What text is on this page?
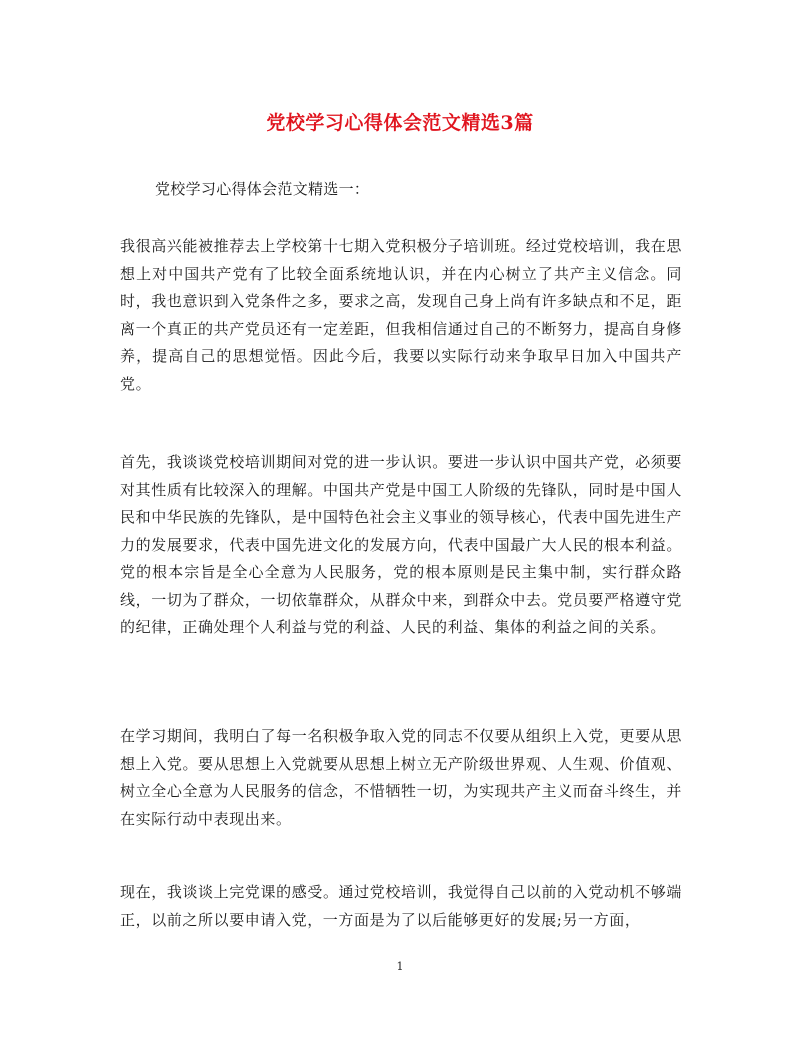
党校学习心得体会范文精选3篇

党校学习心得体会范文精选一：

我很高兴能被推荐去上学校第十七期入党积极分子培训班。经过党校培训，我在思想上对中国共产党有了比较全面系统地认识，并在内心树立了共产主义信念。同时，我也意识到入党条件之多，要求之高，发现自己身上尚有许多缺点和不足，距离一个真正的共产党员还有一定差距，但我相信通过自己的不断努力，提高自身修养，提高自己的思想觉悟。因此今后，我要以实际行动来争取早日加入中国共产党。

首先，我谈谈党校培训期间对党的进一步认识。要进一步认识中国共产党，必须要对其性质有比较深入的理解。中国共产党是中国工人阶级的先锋队，同时是中国人民和中华民族的先锋队，是中国特色社会主义事业的领导核心，代表中国先进生产力的发展要求，代表中国先进文化的发展方向，代表中国最广大人民的根本利益。党的根本宗旨是全心全意为人民服务，党的根本原则是民主集中制，实行群众路线，一切为了群众，一切依靠群众，从群众中来，到群众中去。党员要严格遵守党的纪律，正确处理个人利益与党的利益、人民的利益、集体的利益之间的关系。

在学习期间，我明白了每一名积极争取入党的同志不仅要从组织上入党，更要从思想上入党。要从思想上入党就要从思想上树立无产阶级世界观、人生观、价值观、树立全心全意为人民服务的信念，不惜牺牲一切，为实现共产主义而奋斗终生，并在实际行动中表现出来。

现在，我谈谈上完党课的感受。通过党校培训，我觉得自己以前的入党动机不够端正，以前之所以要申请入党，一方面是为了以后能够更好的发展;另一方面，

1
